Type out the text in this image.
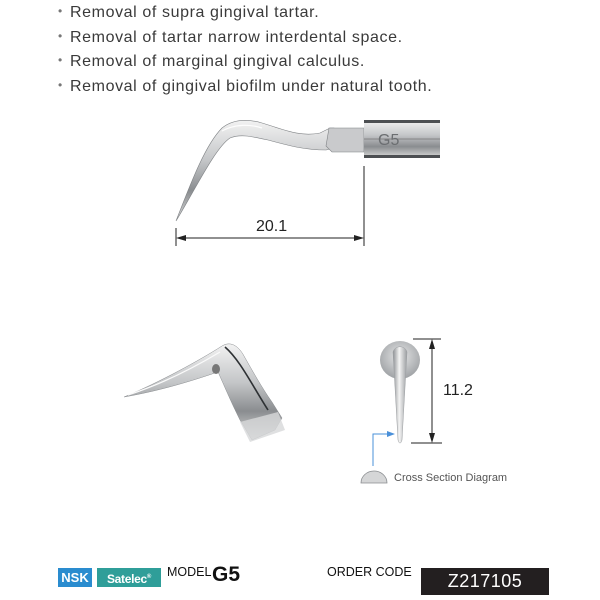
• Removal of supra gingival tartar.
• Removal of tartar narrow interdental space.
• Removal of marginal gingival calculus.
• Removal of gingival biofilm under natural tooth.
G5
20.1
11.2
Cross Section Diagram
NSK	Satelec®	MODEL G5	ORDER CODE	Z217105
